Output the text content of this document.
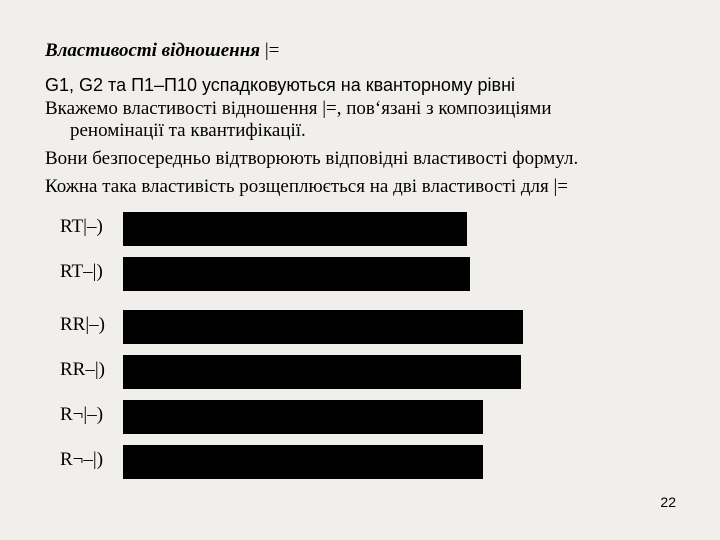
Властивості відношення |=
G1, G2 та П1–П10 успадковуються на кванторному рівні
Вкажемо властивості відношення |=, пов‘язані з композиціями
реномінації та квантифікації.
Вони безпосередньо відтворюють відповідні властивості формул.
Кожна така властивість розщеплюється на дві властивості для |=
RT|–)
RT–|)
RR|–)
RR–|)
R¬|–)
R¬–|)
22
